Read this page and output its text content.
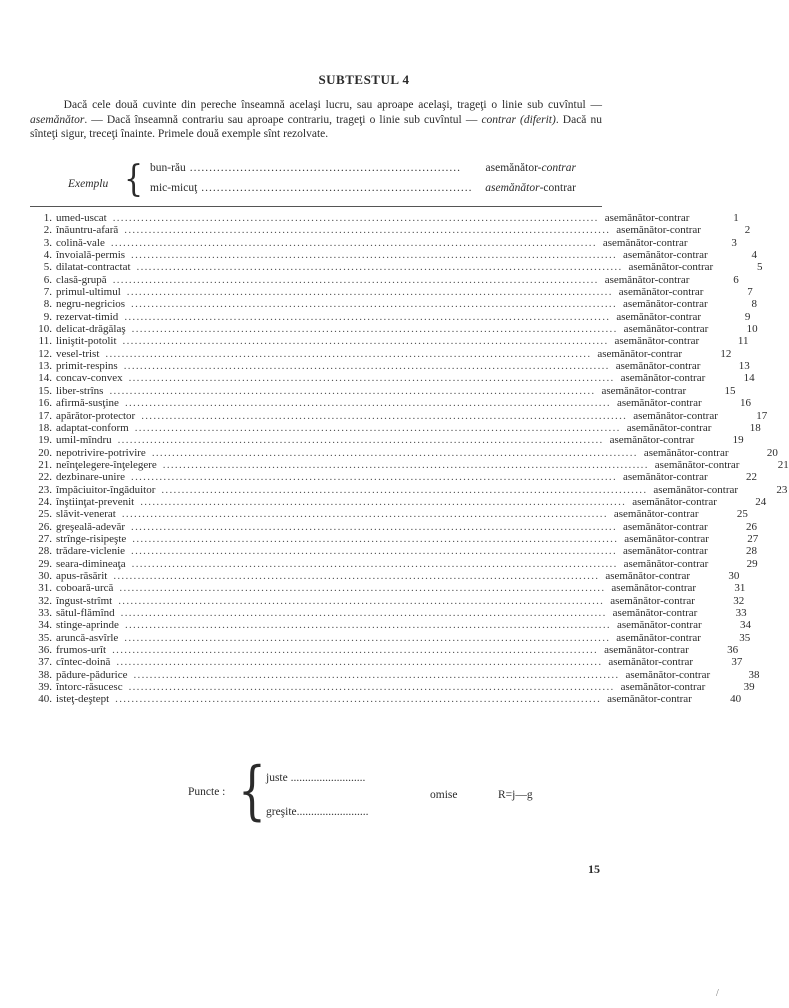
SUBTESTUL 4
Dacă cele două cuvinte din pereche înseamnă acelaşi lucru, sau aproape acelaşi, trageţi o linie sub cuvîntul — asemănător. — Dacă înseamnă contrariu sau aproape contrariu, trageţi o linie sub cuvîntul — contrar (diferit). Dacă nu sînteţi sigur, treceţi înainte. Primele două exemple sînt rezolvate.
Exemplu { bun-rău ......................................................................	asemănător-contrar
mic-micuţ ......................................................................	asemănător-contrar
1. umed-uscat ........................................................................................................................ asemănător-contrar	1
2. înăuntru-afară ........................................................................................................................ asemănător-contrar	2
3. colină-vale ........................................................................................................................ asemănător-contrar	3
4. învoială-permis ........................................................................................................................ asemănător-contrar	4
5. dilatat-contractat ........................................................................................................................ asemănător-contrar	5
6. clasă-grupă ........................................................................................................................ asemănător-contrar	6
7. primul-ultimul ........................................................................................................................ asemănător-contrar	7
8. negru-negricios ........................................................................................................................ asemănător-contrar	8
9. rezervat-timid ........................................................................................................................ asemănător-contrar	9
10. delicat-drăgălaş ........................................................................................................................ asemănător-contrar	10
11. liniştit-potolit ........................................................................................................................ asemănător-contrar	11
12. vesel-trist ........................................................................................................................ asemănător-contrar	12
13. primit-respins ........................................................................................................................ asemănător-contrar	13
14. concav-convex ........................................................................................................................ asemănător-contrar	14
15. liber-strîns ........................................................................................................................ asemănător-contrar	15
16. afirmă-susţine ........................................................................................................................ asemănător-contrar	16
17. apărător-protector ........................................................................................................................ asemănător-contrar	17
18. adaptat-conform ........................................................................................................................ asemănător-contrar	18
19. umil-mîndru ........................................................................................................................ asemănător-contrar	19
20. nepotrivire-potrivire ........................................................................................................................ asemănător-contrar	20
21. neînţelegere-înţelegere ........................................................................................................................ asemănător-contrar	21
22. dezbinare-unire ........................................................................................................................ asemănător-contrar	22
23. împăciuitor-îngăduitor ........................................................................................................................ asemănător-contrar	23
24. înştiinţat-prevenit ........................................................................................................................ asemănător-contrar	24
25. slăvit-venerat ........................................................................................................................ asemănător-contrar	25
26. greşeală-adevăr ........................................................................................................................ asemănător-contrar	26
27. strînge-risipeşte ........................................................................................................................ asemănător-contrar	27
28. trădare-viclenie ........................................................................................................................ asemănător-contrar	28
29. seara-dimineaţa ........................................................................................................................ asemănător-contrar	29
30. apus-răsărit ........................................................................................................................ asemănător-contrar	30
31. coboară-urcă ........................................................................................................................ asemănător-contrar	31
32. îngust-strîmt ........................................................................................................................ asemănător-contrar	32
33. sătul-flămînd ........................................................................................................................ asemănător-contrar	33
34. stinge-aprinde ........................................................................................................................ asemănător-contrar	34
35. aruncă-asvîrle ........................................................................................................................ asemănător-contrar	35
36. frumos-urît ........................................................................................................................ asemănător-contrar	36
37. cîntec-doină ........................................................................................................................ asemănător-contrar	37
38. pădure-pădurice ........................................................................................................................ asemănător-contrar	38
39. întorc-răsucesc ........................................................................................................................ asemănător-contrar	39
40. isteţ-deştept ........................................................................................................................ asemănător-contrar	40
Puncte : { juste ..........................
greşite.........................
omise	R=j—g
15
/
